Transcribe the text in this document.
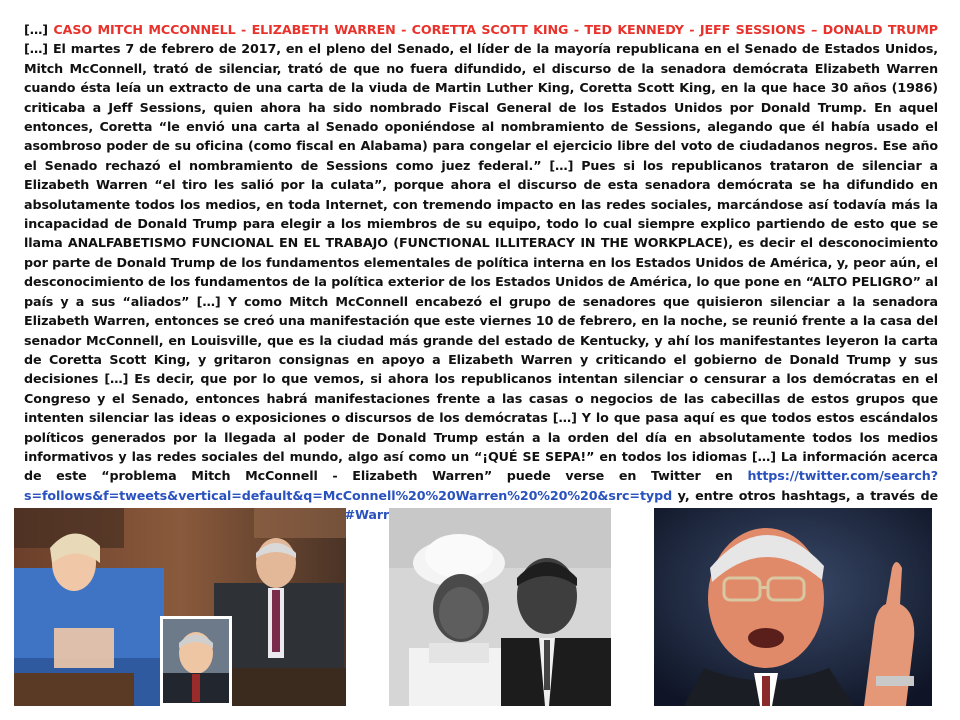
[…] CASO MITCH MCCONNELL - ELIZABETH WARREN - CORETTA SCOTT KING - TED KENNEDY - JEFF SESSIONS – DONALD TRUMP […] El martes 7 de febrero de 2017, en el pleno del Senado, el líder de la mayoría republicana en el Senado de Estados Unidos, Mitch McConnell, trató de silenciar, trató de que no fuera difundido, el discurso de la senadora demócrata Elizabeth Warren cuando ésta leía un extracto de una carta de la viuda de Martin Luther King, Coretta Scott King, en la que hace 30 años (1986) criticaba a Jeff Sessions, quien ahora ha sido nombrado Fiscal General de los Estados Unidos por Donald Trump. En aquel entonces, Coretta “le envió una carta al Senado oponiéndose al nombramiento de Sessions, alegando que él había usado el asombroso poder de su oficina (como fiscal en Alabama) para congelar el ejercicio libre del voto de ciudadanos negros. Ese año el Senado rechazó el nombramiento de Sessions como juez federal.” […] Pues si los republicanos trataron de silenciar a Elizabeth Warren “el tiro les salió por la culata”, porque ahora el discurso de esta senadora demócrata se ha difundido en absolutamente todos los medios, en toda Internet, con tremendo impacto en las redes sociales, marcándose así todavía más la incapacidad de Donald Trump para elegir a los miembros de su equipo, todo lo cual siempre explico partiendo de esto que se llama ANALFABETISMO FUNCIONAL EN EL TRABAJO (FUNCTIONAL ILLITERACY IN THE WORKPLACE), es decir el desconocimiento por parte de Donald Trump de los fundamentos elementales de política interna en los Estados Unidos de América, y, peor aún, el desconocimiento de los fundamentos de la política exterior de los Estados Unidos de América, lo que pone en “ALTO PELIGRO” al país y a sus “aliados” […] Y como Mitch McConnell encabezó el grupo de senadores que quisieron silenciar a la senadora Elizabeth Warren, entonces se creó una manifestación que este viernes 10 de febrero, en la noche, se reunió frente a la casa del senador McConnell, en Louisville, que es la ciudad más grande del estado de Kentucky, y ahí los manifestantes leyeron la carta de Coretta Scott King, y gritaron consignas en apoyo a Elizabeth Warren y criticando el gobierno de Donald Trump y sus decisiones […] Es decir, que por lo que vemos, si ahora los republicanos intentan silenciar o censurar a los demócratas en el Congreso y el Senado, entonces habrá manifestaciones frente a las casas o negocios de las cabecillas de estos grupos que intenten silenciar las ideas o exposiciones o discursos de los demócratas […] Y lo que pasa aquí es que todos estos escándalos políticos generados por la llegada al poder de Donald Trump están a la orden del día en absolutamente todos los medios informativos y las redes sociales del mundo, algo así como un “¡QUÉ SE SEPA!” en todos los idiomas […] La información acerca de este “problema Mitch McConnell - Elizabeth Warren” puede verse en Twitter en https://twitter.com/search?s=follows&f=tweets&vertical=default&q=McConnell%20%20Warren%20%20%20&src=typd y, entre otros hashtags, a través de
